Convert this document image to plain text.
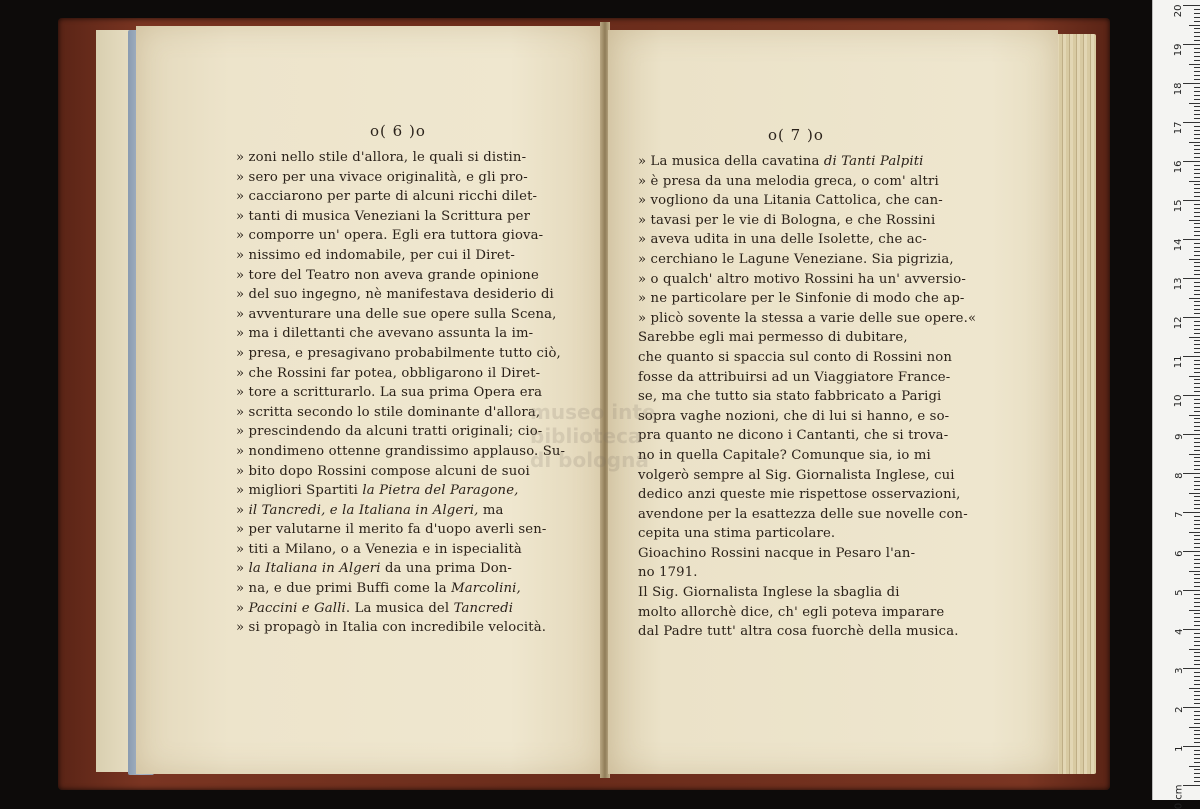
o( 6 )o
» zoni nello stile d'allora, le quali si distin-
» sero per una vivace originalità, e gli pro-
» cacciarono per parte di alcuni ricchi dilet-
» tanti di musica Veneziani la Scrittura per
» comporre un' opera. Egli era tuttora giova-
» nissimo ed indomabile, per cui il Diret-
» tore del Teatro non aveva grande opinione
» del suo ingegno, nè manifestava desiderio di
» avventurare una delle sue opere sulla Scena,
» ma i dilettanti che avevano assunta la im-
» presa, e presagivano probabilmente tutto ciò,
» che Rossini far potea, obbligarono il Diret-
» tore a scritturarlo. La sua prima Opera era
» scritta secondo lo stile dominante d'allora,
» prescindendo da alcuni tratti originali; cio-
» nondimeno ottenne grandissimo applauso. Su-
» bito dopo Rossini compose alcuni de suoi
» migliori Spartiti la Pietra del Paragone,
» il Tancredi, e la Italiana in Algeri, ma
» per valutarne il merito fa d'uopo averli sen-
» titi a Milano, o a Venezia e in ispecialità
» la Italiana in Algeri da una prima Don-
» na, e due primi Buffi come la Marcolini,
» Paccini e Galli. La musica del Tancredi
» si propagò in Italia con incredibile velocità.
o( 7 )o
» La musica della cavatina di Tanti Palpiti
» è presa da una melodia greca, o com' altri
» vogliono da una Litania Cattolica, che can-
» tavasi per le vie di Bologna, e che Rossini
» aveva udita in una delle Isolette, che ac-
» cerchiano le Lagune Veneziane. Sia pigrizia,
» o qualch' altro motivo Rossini ha un' avversio-
» ne particolare per le Sinfonie di modo che ap-
» plicò sovente la stessa a varie delle sue opere.«
Sarebbe egli mai permesso di dubitare,
che quanto si spaccia sul conto di Rossini non
fosse da attribuirsi ad un Viaggiatore France-
se, ma che tutto sia stato fabbricato a Parigi
sopra vaghe nozioni, che di lui si hanno, e so-
pra quanto ne dicono i Cantanti, che si trova-
no in quella Capitale? Comunque sia, io mi
volgerò sempre al Sig. Giornalista Inglese, cui
dedico anzi queste mie rispettose osservazioni,
avendone per la esattezza delle sue novelle con-
cepita una stima particolare.
Gioachino Rossini nacque in Pesaro l'an-
no 1791.
Il Sig. Giornalista Inglese la sbaglia di
molto allorchè dice, ch' egli poteva imparare
dal Padre tutt' altra cosa fuorchè della musica.
museo inte
biblioteca
di bologna
0 cm
1
2
3
4
5
6
7
8
9
10
11
12
13
14
15
16
17
18
19
20
